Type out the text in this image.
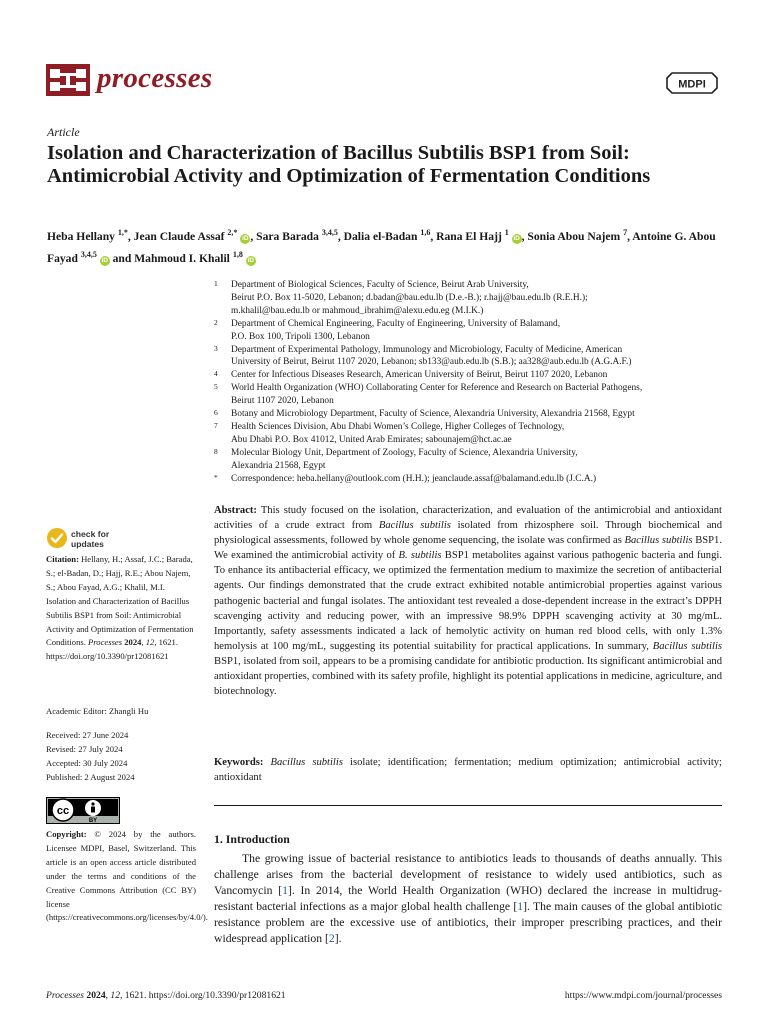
processes	MDPI
Article
Isolation and Characterization of Bacillus Subtilis BSP1 from Soil: Antimicrobial Activity and Optimization of Fermentation Conditions
Heba Hellany $^{1,*}$, Jean Claude Assaf $^{2,*}$ iD , Sara Barada $^{3,4,5}$, Dalia el-Badan $^{1,6}$, Rana El Hajj $^1$ iD , Sonia Abou Najem $^7$, Antoine G. Abou Fayad $^{3,4,5}$ iD and Mahmoud I. Khalil $^{1,8}$ iD
1 Department of Biological Sciences, Faculty of Science, Beirut Arab University,
Beirut P.O. Box 11-5020, Lebanon; d.badan@bau.edu.lb (D.e.-B.); r.hajj@bau.edu.lb (R.E.H.);
m.khalil@bau.edu.lb or mahmoud_ibrahim@alexu.edu.eg (M.I.K.)
2 Department of Chemical Engineering, Faculty of Engineering, University of Balamand,
P.O. Box 100, Tripoli 1300, Lebanon
3 Department of Experimental Pathology, Immunology and Microbiology, Faculty of Medicine, American
University of Beirut, Beirut 1107 2020, Lebanon; sb133@aub.edu.lb (S.B.); aa328@aub.edu.lb (A.G.A.F.)
4 Center for Infectious Diseases Research, American University of Beirut, Beirut 1107 2020, Lebanon
5 World Health Organization (WHO) Collaborating Center for Reference and Research on Bacterial Pathogens,
Beirut 1107 2020, Lebanon
6 Botany and Microbiology Department, Faculty of Science, Alexandria University, Alexandria 21568, Egypt
7 Health Sciences Division, Abu Dhabi Women’s College, Higher Colleges of Technology,
Abu Dhabi P.O. Box 41012, United Arab Emirates; sabounajem@hct.ac.ae
8 Molecular Biology Unit, Department of Zoology, Faculty of Science, Alexandria University,
Alexandria 21568, Egypt
* Correspondence: heba.hellany@outlook.com (H.H.); jeanclaude.assaf@balamand.edu.lb (J.C.A.)
check for
updates
Citation: Hellany, H.; Assaf, J.C.; Barada, S.; el-Badan, D.; Hajj, R.E.; Abou Najem, S.; Abou Fayad, A.G.; Khalil, M.I. Isolation and Characterization of Bacillus Subtilis BSP1 from Soil: Antimicrobial Activity and Optimization of Fermentation Conditions. Processes 2024, 12, 1621. https://doi.org/10.3390/pr12081621
Academic Editor: Zhangli Hu
Received: 27 June 2024
Revised: 27 July 2024
Accepted: 30 July 2024
Published: 2 August 2024
cc
BY
Copyright: © 2024 by the authors. Licensee MDPI, Basel, Switzerland. This article is an open access article distributed under the terms and conditions of the Creative Commons Attribution (CC BY) license (https://creativecommons.org/licenses/by/4.0/).
Abstract: This study focused on the isolation, characterization, and evaluation of the antimicrobial and antioxidant activities of a crude extract from Bacillus subtilis isolated from rhizosphere soil. Through biochemical and physiological assessments, followed by whole genome sequencing, the isolate was confirmed as Bacillus subtilis BSP1. We examined the antimicrobial activity of B. subtilis BSP1 metabolites against various pathogenic bacteria and fungi. To enhance its antibacterial efficacy, we optimized the fermentation medium to maximize the secretion of antibacterial agents. Our findings demonstrated that the crude extract exhibited notable antimicrobial properties against various pathogenic bacterial and fungal isolates. The antioxidant test revealed a dose-dependent increase in the extract’s DPPH scavenging activity and reducing power, with an impressive 98.9% DPPH scavenging activity at 30 mg/mL. Importantly, safety assessments indicated a lack of hemolytic activity on human red blood cells, with only 1.3% hemolysis at 100 mg/mL, suggesting its potential suitability for practical applications. In summary, Bacillus subtilis BSP1, isolated from soil, appears to be a promising candidate for antibiotic production. Its significant antimicrobial and antioxidant properties, combined with its safety profile, highlight its potential applications in medicine, agriculture, and biotechnology.
Keywords: Bacillus subtilis isolate; identification; fermentation; medium optimization; antimicrobial activity; antioxidant
1. Introduction
The growing issue of bacterial resistance to antibiotics leads to thousands of deaths annually. This challenge arises from the bacterial development of resistance to widely used antibiotics, such as Vancomycin [1]. In 2014, the World Health Organization (WHO) declared the increase in multidrug-resistant bacterial infections as a major global health challenge [1]. The main causes of the global antibiotic resistance problem are the excessive use of antibiotics, their improper prescribing practices, and their widespread application [2].
Processes 2024, 12, 1621. https://doi.org/10.3390/pr12081621	https://www.mdpi.com/journal/processes
